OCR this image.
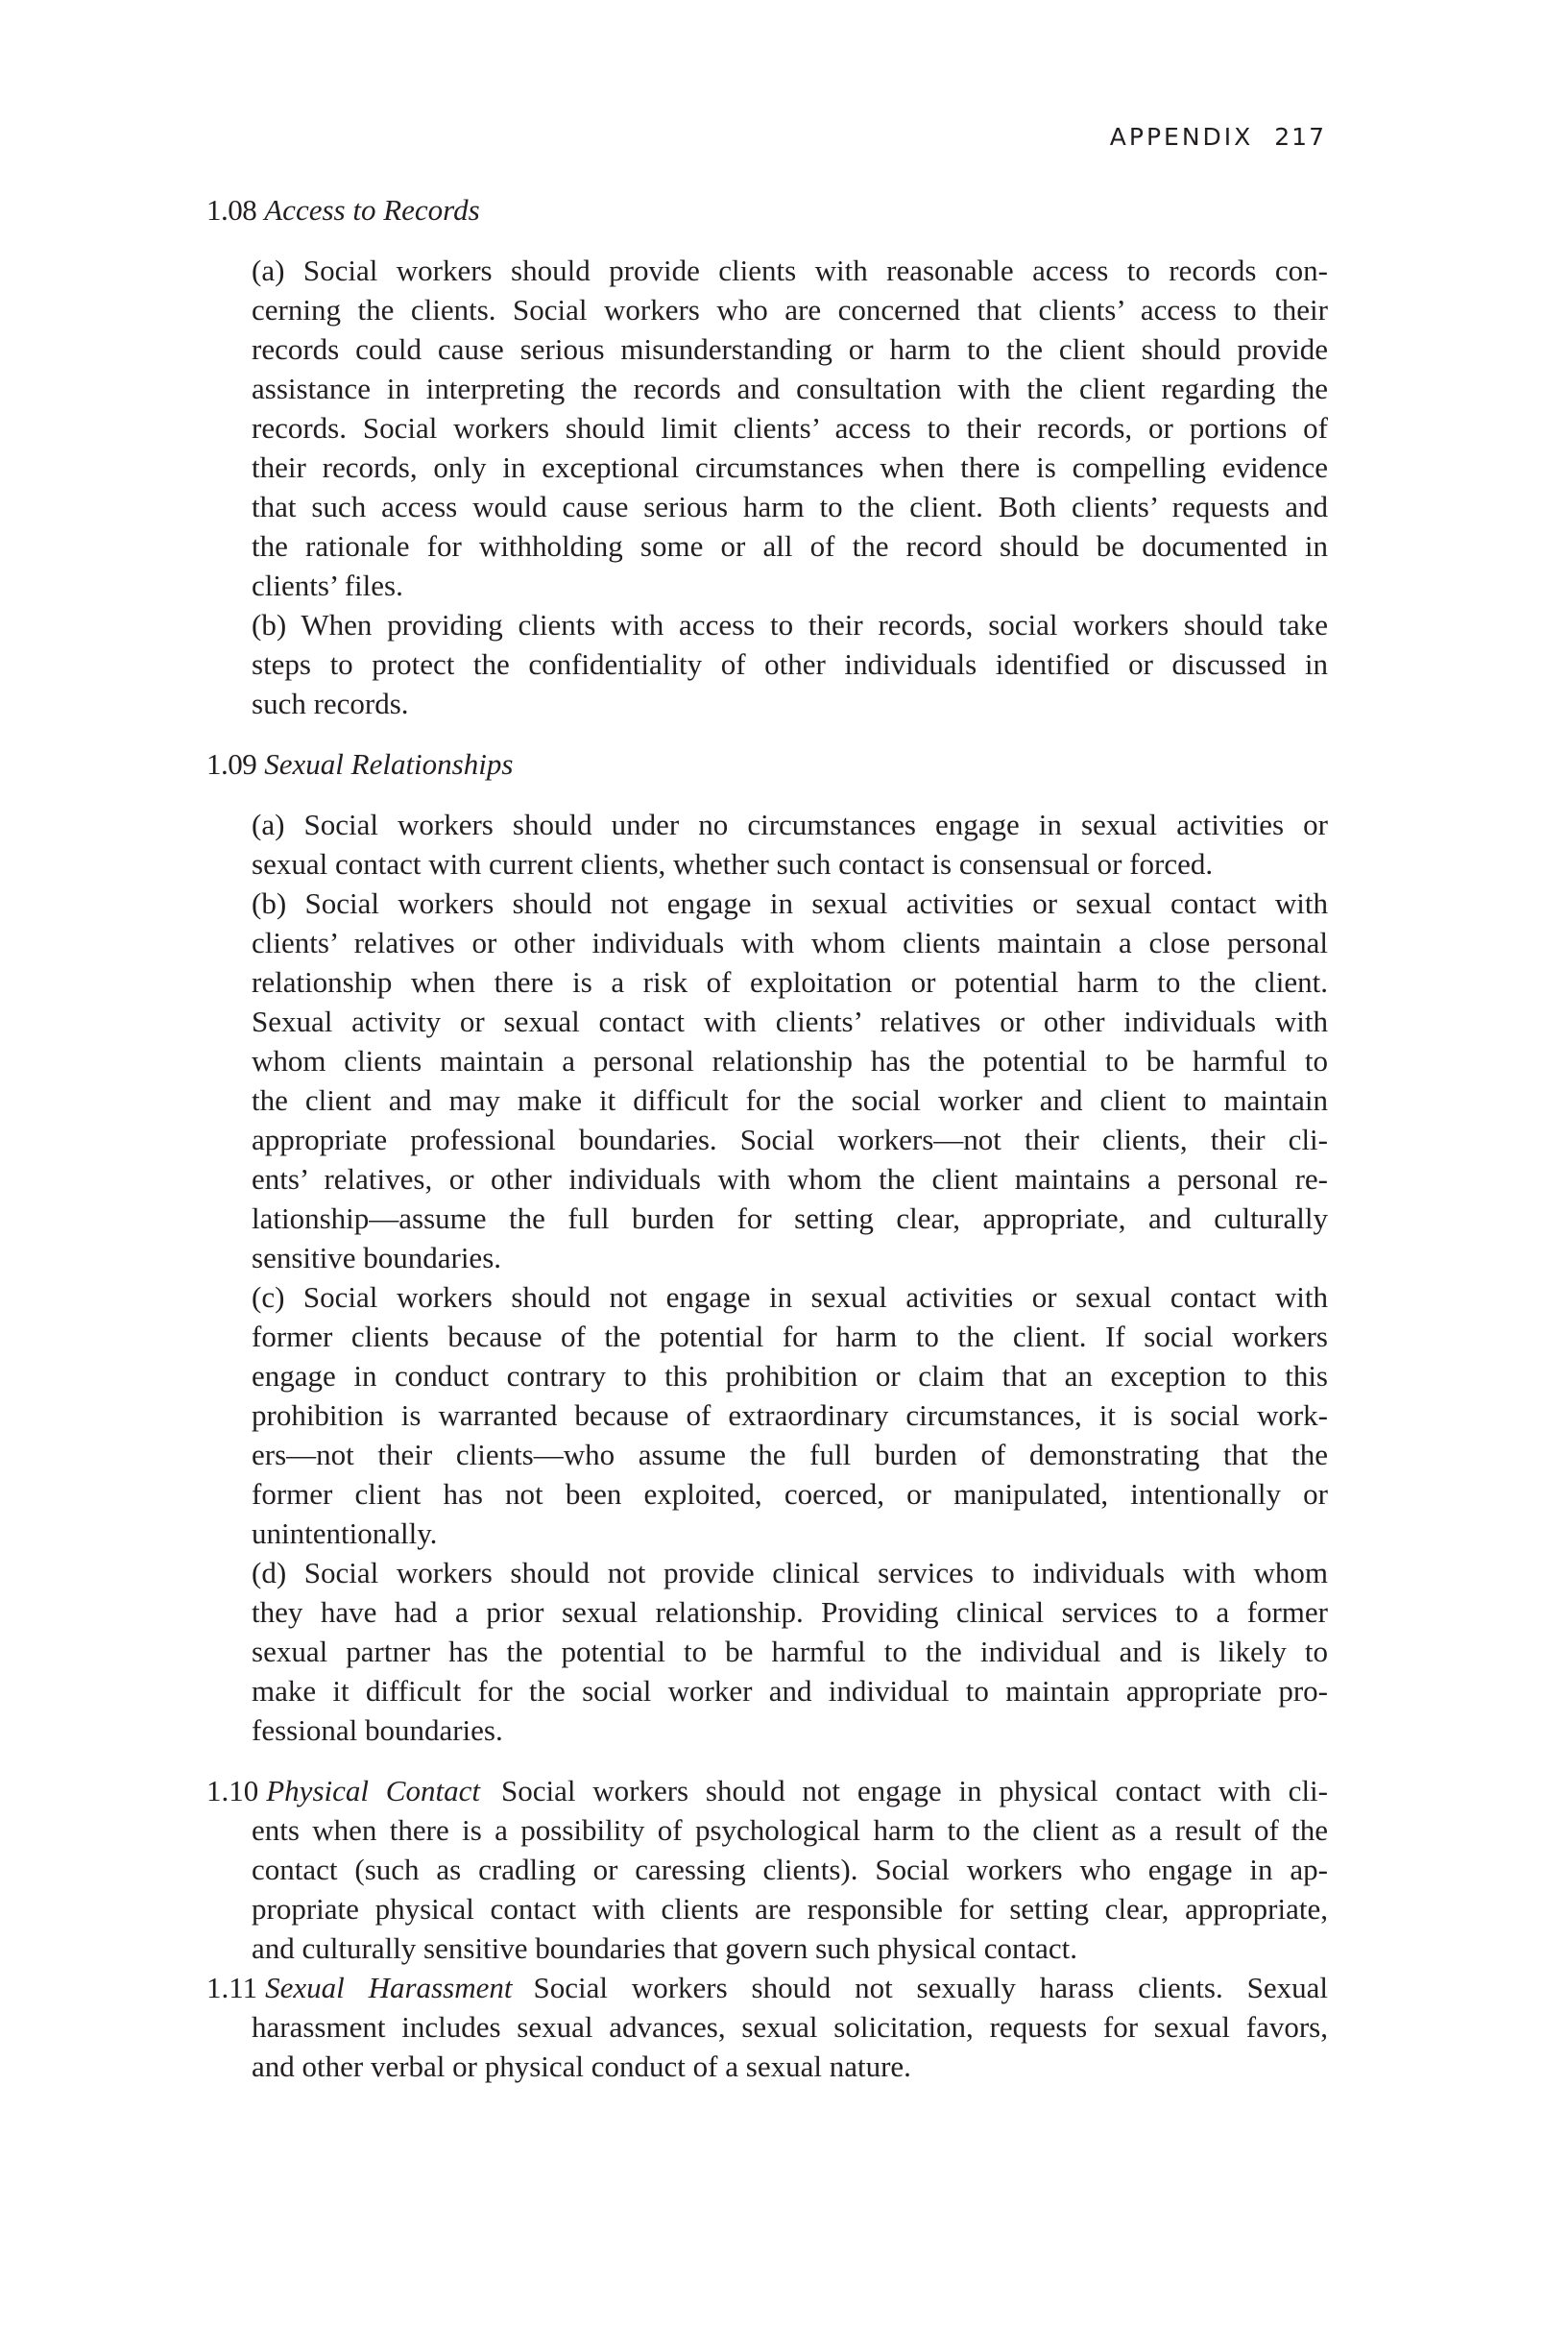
APPENDIX 217
1.08 Access to Records
(a) Social workers should provide clients with reasonable access to records con-
cerning the clients. Social workers who are concerned that clients’ access to their
records could cause serious misunderstanding or harm to the client should provide
assistance in interpreting the records and consultation with the client regarding the
records. Social workers should limit clients’ access to their records, or portions of
their records, only in exceptional circumstances when there is compelling evidence
that such access would cause serious harm to the client. Both clients’ requests and
the rationale for withholding some or all of the record should be documented in
clients’ files.
(b) When providing clients with access to their records, social workers should take
steps to protect the confidentiality of other individuals identified or discussed in
such records.
1.09 Sexual Relationships
(a) Social workers should under no circumstances engage in sexual activities or
sexual contact with current clients, whether such contact is consensual or forced.
(b) Social workers should not engage in sexual activities or sexual contact with
clients’ relatives or other individuals with whom clients maintain a close personal
relationship when there is a risk of exploitation or potential harm to the client.
Sexual activity or sexual contact with clients’ relatives or other individuals with
whom clients maintain a personal relationship has the potential to be harmful to
the client and may make it difficult for the social worker and client to maintain
appropriate professional boundaries. Social workers—not their clients, their cli-
ents’ relatives, or other individuals with whom the client maintains a personal re-
lationship—assume the full burden for setting clear, appropriate, and culturally
sensitive boundaries.
(c) Social workers should not engage in sexual activities or sexual contact with
former clients because of the potential for harm to the client. If social workers
engage in conduct contrary to this prohibition or claim that an exception to this
prohibition is warranted because of extraordinary circumstances, it is social work-
ers—not their clients—who assume the full burden of demonstrating that the
former client has not been exploited, coerced, or manipulated, intentionally or
unintentionally.
(d) Social workers should not provide clinical services to individuals with whom
they have had a prior sexual relationship. Providing clinical services to a former
sexual partner has the potential to be harmful to the individual and is likely to
make it difficult for the social worker and individual to maintain appropriate pro-
fessional boundaries.
1.10 Physical Contact Social workers should not engage in physical contact with cli-
ents when there is a possibility of psychological harm to the client as a result of the
contact (such as cradling or caressing clients). Social workers who engage in ap-
propriate physical contact with clients are responsible for setting clear, appropriate,
and culturally sensitive boundaries that govern such physical contact.
1.11 Sexual Harassment Social workers should not sexually harass clients. Sexual
harassment includes sexual advances, sexual solicitation, requests for sexual favors,
and other verbal or physical conduct of a sexual nature.
